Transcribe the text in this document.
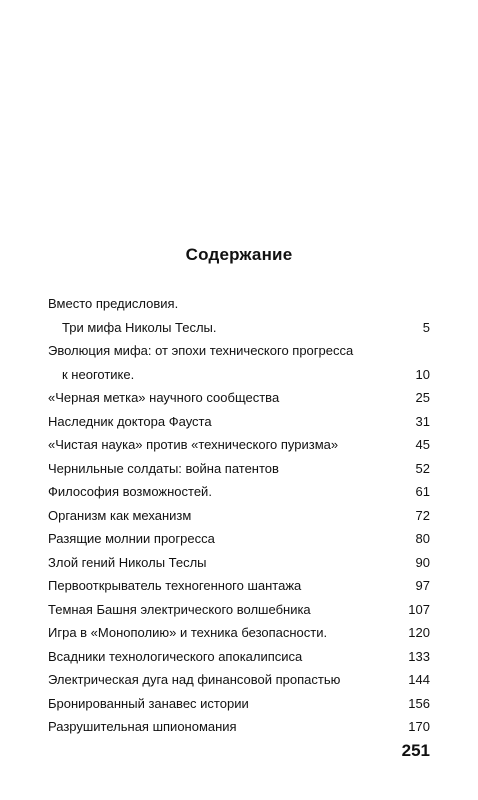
Содержание
Вместо предисловия.
Три мифа Николы Теслы.	5
Эволюция мифа: от эпохи технического прогресса
к неоготике.	10
«Черная метка» научного сообщества	25
Наследник доктора Фауста	31
«Чистая наука» против «технического пуризма»	45
Чернильные солдаты: война патентов	52
Философия возможностей.	61
Организм как механизм	72
Разящие молнии прогресса	80
Злой гений Николы Теслы	90
Первооткрыватель техногенного шантажа	97
Темная Башня электрического волшебника	107
Игра в «Монополию» и техника безопасности.	120
Всадники технологического апокалипсиса	133
Электрическая дуга над финансовой пропастью	144
Бронированный занавес истории	156
Разрушительная шпиономания	170
251
